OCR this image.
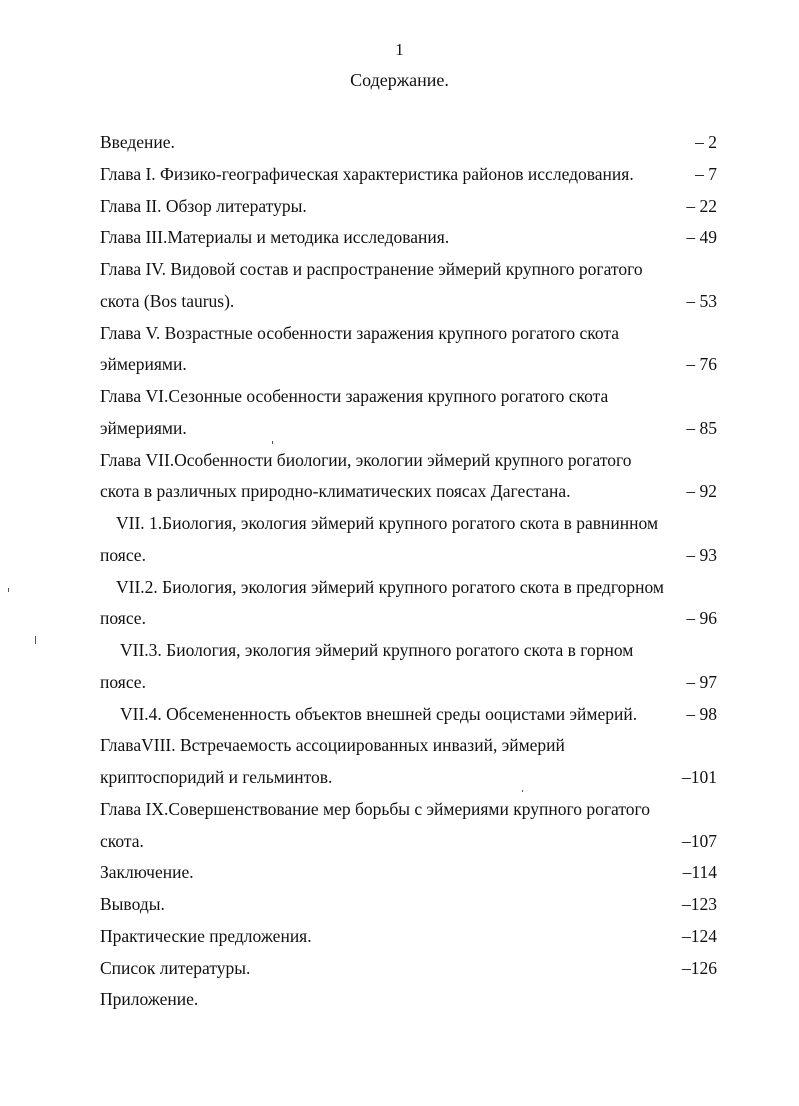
1
Содержание.
Введение.	– 2
Глава I. Физико-географическая характеристика районов исследования.	– 7
Глава II. Обзор литературы.	– 22
Глава III.Материалы и методика исследования.	– 49
Глава IV. Видовой состав и распространение эймерий крупного рогатого
скота (Bos taurus).	– 53
Глава V. Возрастные особенности заражения крупного рогатого скота
эймериями.	– 76
Глава VI.Сезонные особенности заражения крупного рогатого скота
эймериями.	– 85
Глава VII.Особенности биологии, экологии эймерий крупного рогатого
скота в различных природно-климатических поясах Дагестана.	– 92
VII. 1.Биология, экология эймерий крупного рогатого скота в равнинном
поясе.	– 93
VII.2. Биология, экология эймерий крупного рогатого скота в предгорном
поясе.	– 96
VII.3. Биология, экология эймерий крупного рогатого скота в горном
поясе.	– 97
VII.4. Обсемененность объектов внешней среды ооцистами эймерий.	– 98
ГлаваVIII. Встречаемость ассоциированных инвазий, эймерий
криптоспоридий и гельминтов.	–101
Глава IX.Совершенствование мер борьбы с эймериями крупного рогатого
скота.	–107
Заключение.	–114
Выводы.	–123
Практические предложения.	–124
Список литературы.	–126
Приложение.
